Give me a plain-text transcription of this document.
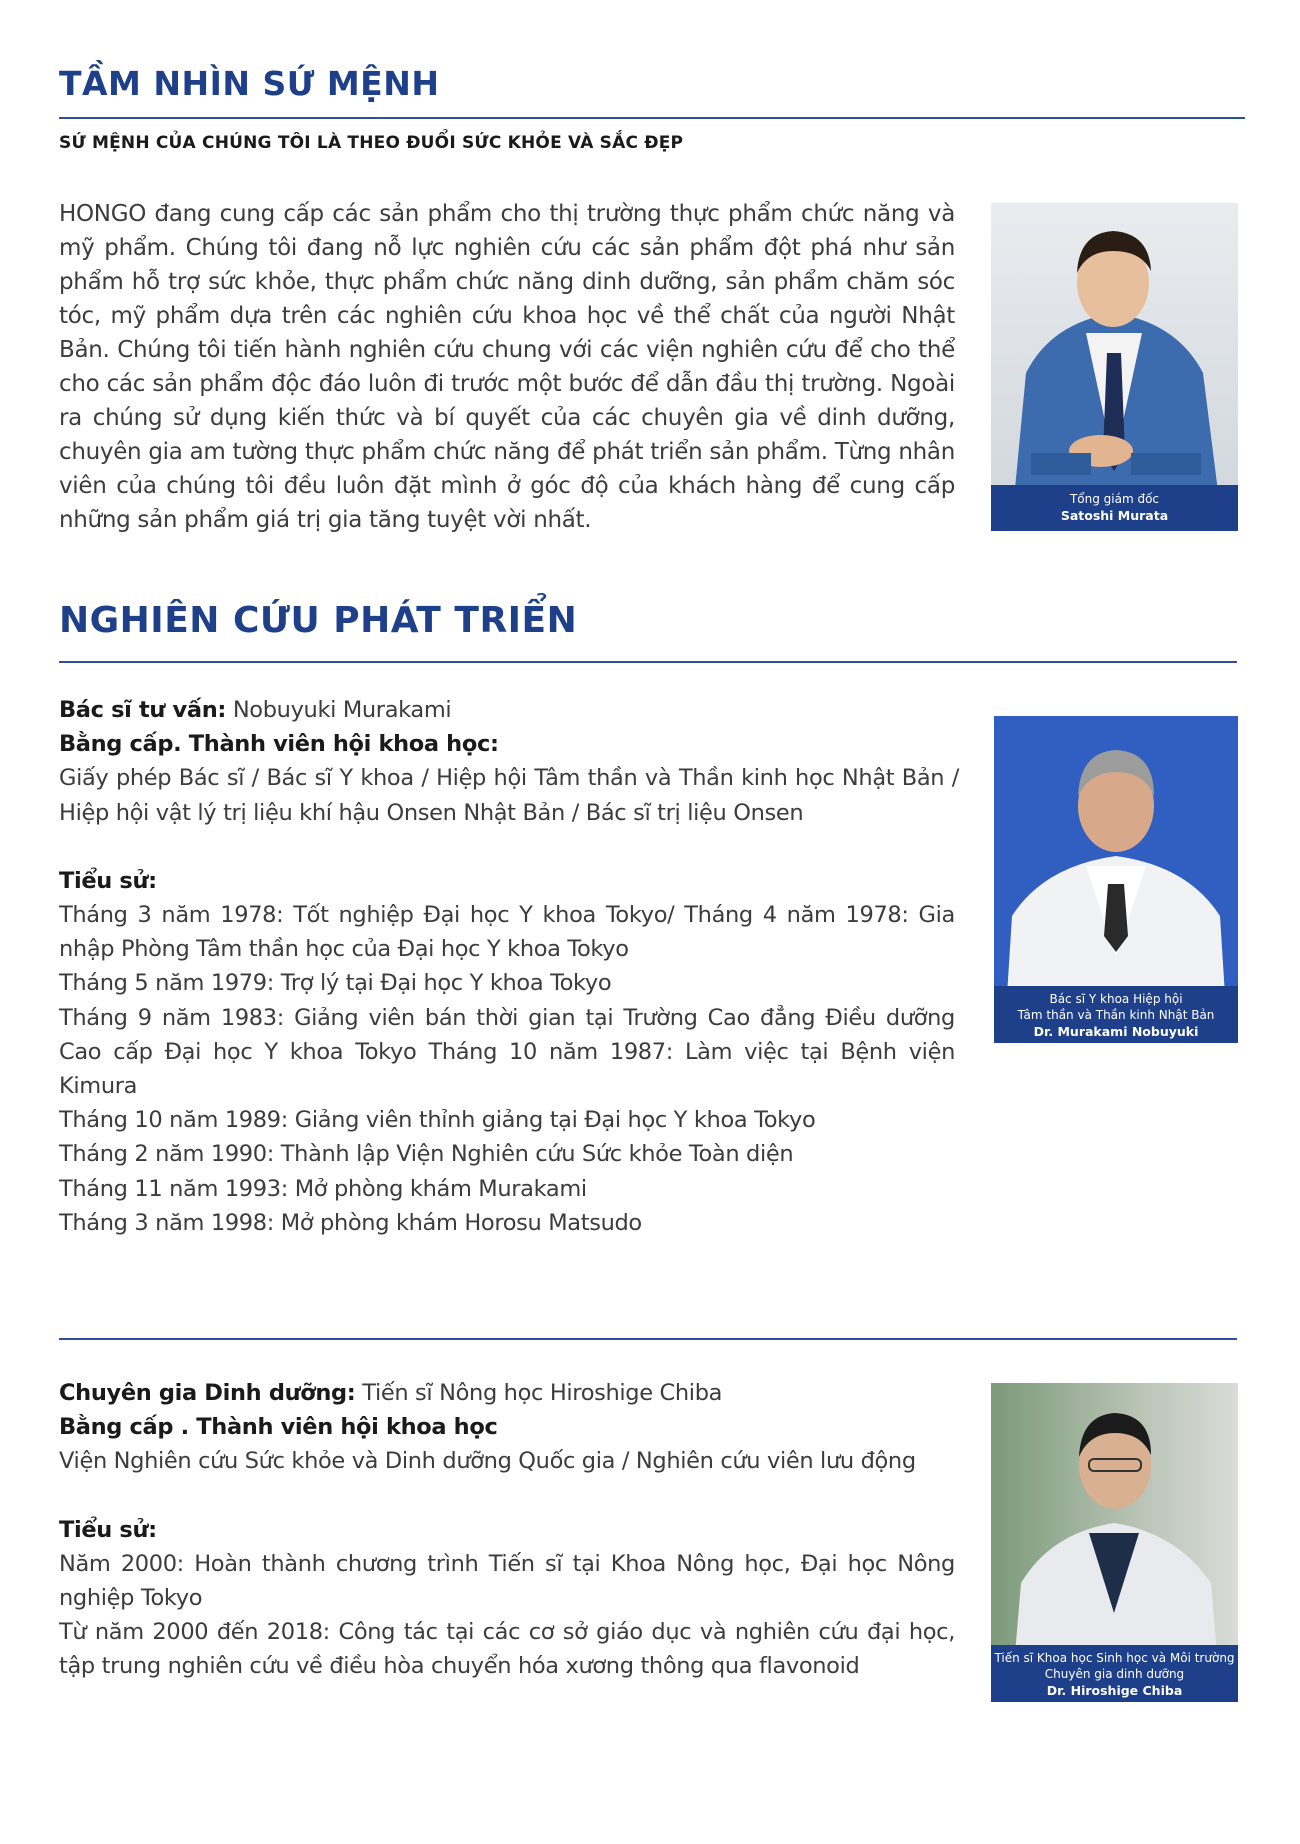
TẦM NHÌN SỨ MỆNH
SỨ MỆNH CỦA CHÚNG TÔI LÀ THEO ĐUỔI SỨC KHỎE VÀ SẮC ĐẸP
HONGO đang cung cấp các sản phẩm cho thị trường thực phẩm chức năng và mỹ phẩm. Chúng tôi đang nỗ lực nghiên cứu các sản phẩm đột phá như sản phẩm hỗ trợ sức khỏe, thực phẩm chức năng dinh dưỡng, sản phẩm chăm sóc tóc, mỹ phẩm dựa trên các nghiên cứu khoa học về thể chất của người Nhật Bản. Chúng tôi tiến hành nghiên cứu chung với các viện nghiên cứu để cho thể cho các sản phẩm độc đáo luôn đi trước một bước để dẫn đầu thị trường. Ngoài ra chúng sử dụng kiến thức và bí quyết của các chuyên gia về dinh dưỡng, chuyên gia am tường thực phẩm chức năng để phát triển sản phẩm. Từng nhân viên của chúng tôi đều luôn đặt mình ở góc độ của khách hàng để cung cấp những sản phẩm giá trị gia tăng tuyệt vời nhất.
Tổng giám đốc
Satoshi Murata
NGHIÊN CỨU PHÁT TRIỂN
Bác sĩ tư vấn: Nobuyuki Murakami
Bằng cấp. Thành viên hội khoa học:
Giấy phép Bác sĩ / Bác sĩ Y khoa / Hiệp hội Tâm thần và Thần kinh học Nhật Bản / Hiệp hội vật lý trị liệu khí hậu Onsen Nhật Bản / Bác sĩ trị liệu Onsen
Tiểu sử:
Tháng 3 năm 1978: Tốt nghiệp Đại học Y khoa Tokyo/ Tháng 4 năm 1978: Gia nhập Phòng Tâm thần học của Đại học Y khoa Tokyo
Tháng 5 năm 1979: Trợ lý tại Đại học Y khoa Tokyo
Tháng 9 năm 1983: Giảng viên bán thời gian tại Trường Cao đẳng Điều dưỡng Cao cấp Đại học Y khoa Tokyo Tháng 10 năm 1987: Làm việc tại Bệnh viện Kimura
Tháng 10 năm 1989: Giảng viên thỉnh giảng tại Đại học Y khoa Tokyo
Tháng 2 năm 1990: Thành lập Viện Nghiên cứu Sức khỏe Toàn diện
Tháng 11 năm 1993: Mở phòng khám Murakami
Tháng 3 năm 1998: Mở phòng khám Horosu Matsudo
Bác sĩ Y khoa Hiệp hội
Tâm thần và Thần kinh Nhật Bản
Dr. Murakami Nobuyuki
Chuyên gia Dinh dưỡng: Tiến sĩ Nông học Hiroshige Chiba
Bằng cấp . Thành viên hội khoa học
Viện Nghiên cứu Sức khỏe và Dinh dưỡng Quốc gia / Nghiên cứu viên lưu động
Tiểu sử:
Năm 2000: Hoàn thành chương trình Tiến sĩ tại Khoa Nông học, Đại học Nông nghiệp Tokyo
Từ năm 2000 đến 2018: Công tác tại các cơ sở giáo dục và nghiên cứu đại học, tập trung nghiên cứu về điều hòa chuyển hóa xương thông qua flavonoid	Tiến sĩ Khoa học Sinh học và Môi trường
Chuyên gia dinh dưỡng
Dr. Hiroshige Chiba
